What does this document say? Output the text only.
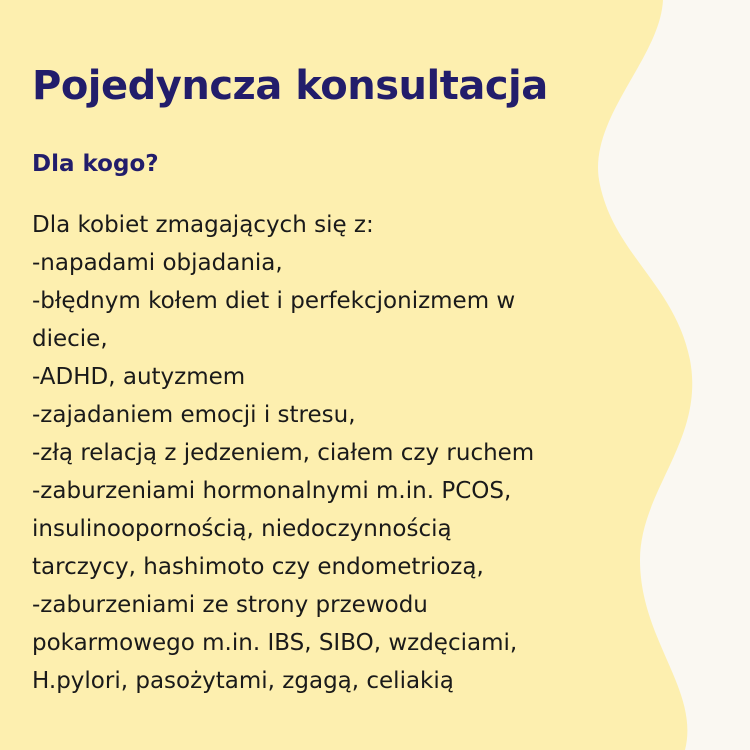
Pojedyncza konsultacja
Dla kogo?
Dla kobiet zmagających się z:
-napadami objadania,
-błędnym kołem diet i perfekcjonizmem w
diecie,
-ADHD, autyzmem
-zajadaniem emocji i stresu,
-złą relacją z jedzeniem, ciałem czy ruchem
-zaburzeniami hormonalnymi m.in. PCOS,
insulinoopornością, niedoczynnością
tarczycy, hashimoto czy endometriozą,
-zaburzeniami ze strony przewodu
pokarmowego m.in. IBS, SIBO, wzdęciami,
H.pylori, pasożytami, zgagą, celiakią
